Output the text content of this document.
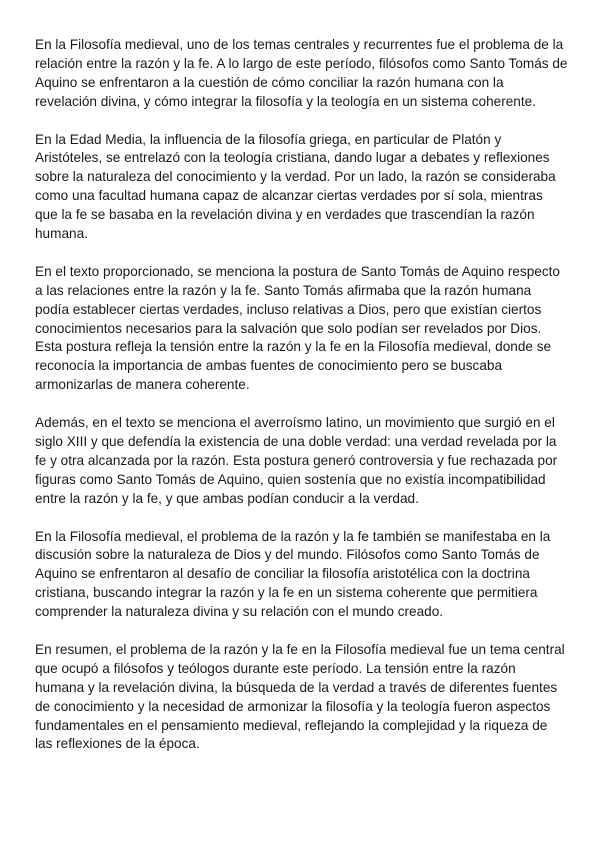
En la Filosofía medieval, uno de los temas centrales y recurrentes fue el problema de la relación entre la razón y la fe. A lo largo de este período, filósofos como Santo Tomás de Aquino se enfrentaron a la cuestión de cómo conciliar la razón humana con la revelación divina, y cómo integrar la filosofía y la teología en un sistema coherente.

En la Edad Media, la influencia de la filosofía griega, en particular de Platón y Aristóteles, se entrelazó con la teología cristiana, dando lugar a debates y reflexiones sobre la naturaleza del conocimiento y la verdad. Por un lado, la razón se consideraba como una facultad humana capaz de alcanzar ciertas verdades por sí sola, mientras que la fe se basaba en la revelación divina y en verdades que trascendían la razón humana.

En el texto proporcionado, se menciona la postura de Santo Tomás de Aquino respecto a las relaciones entre la razón y la fe. Santo Tomás afirmaba que la razón humana podía establecer ciertas verdades, incluso relativas a Dios, pero que existían ciertos conocimientos necesarios para la salvación que solo podían ser revelados por Dios. Esta postura refleja la tensión entre la razón y la fe en la Filosofía medieval, donde se reconocía la importancia de ambas fuentes de conocimiento pero se buscaba armonizarlas de manera coherente.

Además, en el texto se menciona el averroísmo latino, un movimiento que surgió en el siglo XIII y que defendía la existencia de una doble verdad: una verdad revelada por la fe y otra alcanzada por la razón. Esta postura generó controversia y fue rechazada por figuras como Santo Tomás de Aquino, quien sostenía que no existía incompatibilidad entre la razón y la fe, y que ambas podían conducir a la verdad.

En la Filosofía medieval, el problema de la razón y la fe también se manifestaba en la discusión sobre la naturaleza de Dios y del mundo. Filósofos como Santo Tomás de Aquino se enfrentaron al desafío de conciliar la filosofía aristotélica con la doctrina cristiana, buscando integrar la razón y la fe en un sistema coherente que permitiera comprender la naturaleza divina y su relación con el mundo creado.

En resumen, el problema de la razón y la fe en la Filosofía medieval fue un tema central que ocupó a filósofos y teólogos durante este período. La tensión entre la razón humana y la revelación divina, la búsqueda de la verdad a través de diferentes fuentes de conocimiento y la necesidad de armonizar la filosofía y la teología fueron aspectos fundamentales en el pensamiento medieval, reflejando la complejidad y la riqueza de las reflexiones de la época.
